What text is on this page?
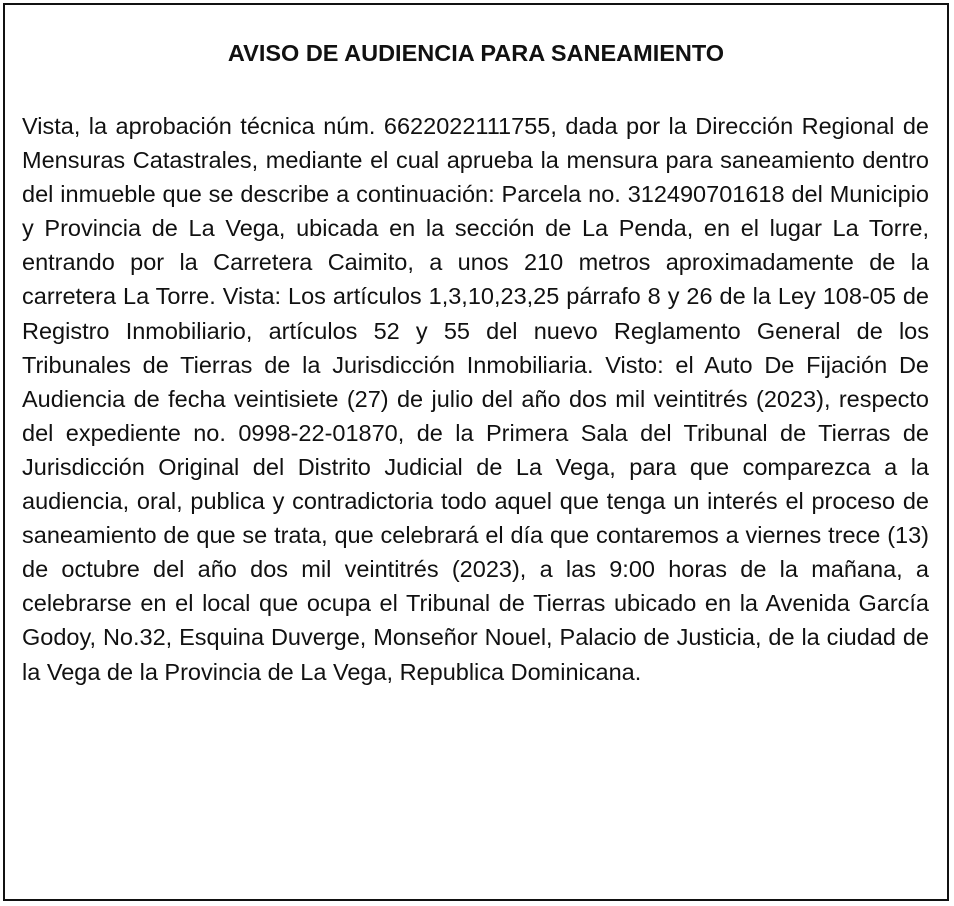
AVISO DE AUDIENCIA PARA SANEAMIENTO

Vista, la aprobación técnica núm. 6622022111755, dada por la Dirección Regional de Mensuras Catastrales, mediante el cual aprueba la mensura para saneamiento dentro del inmueble que se describe a continuación: Parcela no. 312490701618 del Municipio y Provincia de La Vega, ubicada en la sección de La Penda, en el lugar La Torre, entrando por la Carretera Caimito, a unos 210 metros aproximadamente de la carretera La Torre. Vista: Los artículos 1,3,10,23,25 párrafo 8 y 26 de la Ley 108-05 de Registro Inmobiliario, artículos 52 y 55 del nuevo Reglamento General de los Tribunales de Tierras de la Jurisdicción Inmobiliaria. Visto: el Auto De Fijación De Audiencia de fecha veintisiete (27) de julio del año dos mil veintitrés (2023), respecto del expediente no. 0998-22-01870, de la Primera Sala del Tribunal de Tierras de Jurisdicción Original del Distrito Judicial de La Vega, para que comparezca a la audiencia, oral, publica y contradictoria todo aquel que tenga un interés el proceso de saneamiento de que se trata, que celebrará el día que contaremos a viernes trece (13) de octubre del año dos mil veintitrés (2023), a las 9:00 horas de la mañana, a celebrarse en el local que ocupa el Tribunal de Tierras ubicado en la Avenida García Godoy, No.32, Esquina Duverge, Monseñor Nouel, Palacio de Justicia, de la ciudad de la Vega de la Provincia de La Vega, Republica Dominicana.
